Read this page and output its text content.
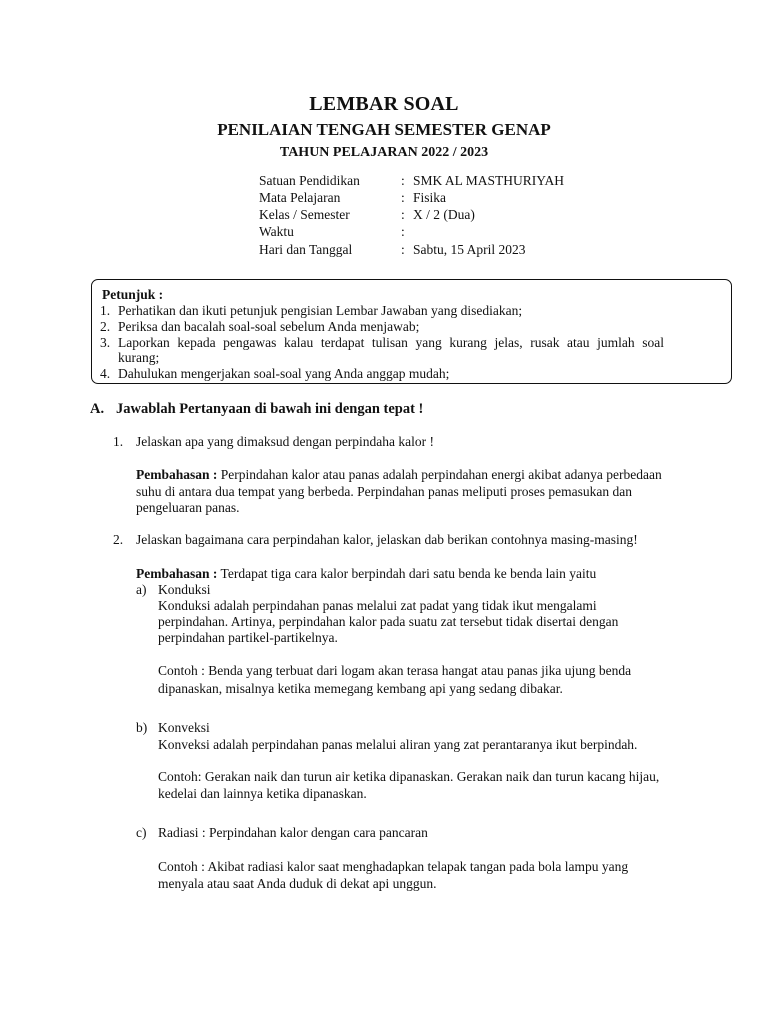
LEMBAR SOAL
PENILAIAN TENGAH SEMESTER GENAP
TAHUN PELAJARAN 2022 / 2023
Satuan Pendidikan	: SMK AL MASTHURIYAH
Mata Pelajaran	: Fisika
Kelas / Semester	: X / 2 (Dua)
Waktu	:
Hari dan Tanggal	: Sabtu, 15 April 2023
Petunjuk :
1. Perhatikan dan ikuti petunjuk pengisian Lembar Jawaban yang disediakan;
2. Periksa dan bacalah soal-soal sebelum Anda menjawab;
3. Laporkan kepada pengawas kalau terdapat tulisan yang kurang jelas, rusak atau jumlah soal
kurang;
4. Dahulukan mengerjakan soal-soal yang Anda anggap mudah;
A. Jawablah Pertanyaan di bawah ini dengan tepat !
1. Jelaskan apa yang dimaksud dengan perpindaha kalor !
Pembahasan : Perpindahan kalor atau panas adalah perpindahan energi akibat adanya perbedaan
suhu di antara dua tempat yang berbeda. Perpindahan panas meliputi proses pemasukan dan
pengeluaran panas.
2. Jelaskan bagaimana cara perpindahan kalor, jelaskan dab berikan contohnya masing-masing!
Pembahasan : Terdapat tiga cara kalor berpindah dari satu benda ke benda lain yaitu
a) Konduksi
Konduksi adalah perpindahan panas melalui zat padat yang tidak ikut mengalami
perpindahan. Artinya, perpindahan kalor pada suatu zat tersebut tidak disertai dengan
perpindahan partikel-partikelnya.
Contoh : Benda yang terbuat dari logam akan terasa hangat atau panas jika ujung benda
dipanaskan, misalnya ketika memegang kembang api yang sedang dibakar.
b) Konveksi
Konveksi adalah perpindahan panas melalui aliran yang zat perantaranya ikut berpindah.
Contoh: Gerakan naik dan turun air ketika dipanaskan. Gerakan naik dan turun kacang hijau,
kedelai dan lainnya ketika dipanaskan.
c) Radiasi : Perpindahan kalor dengan cara pancaran
Contoh : Akibat radiasi kalor saat menghadapkan telapak tangan pada bola lampu yang
menyala atau saat Anda duduk di dekat api unggun.
